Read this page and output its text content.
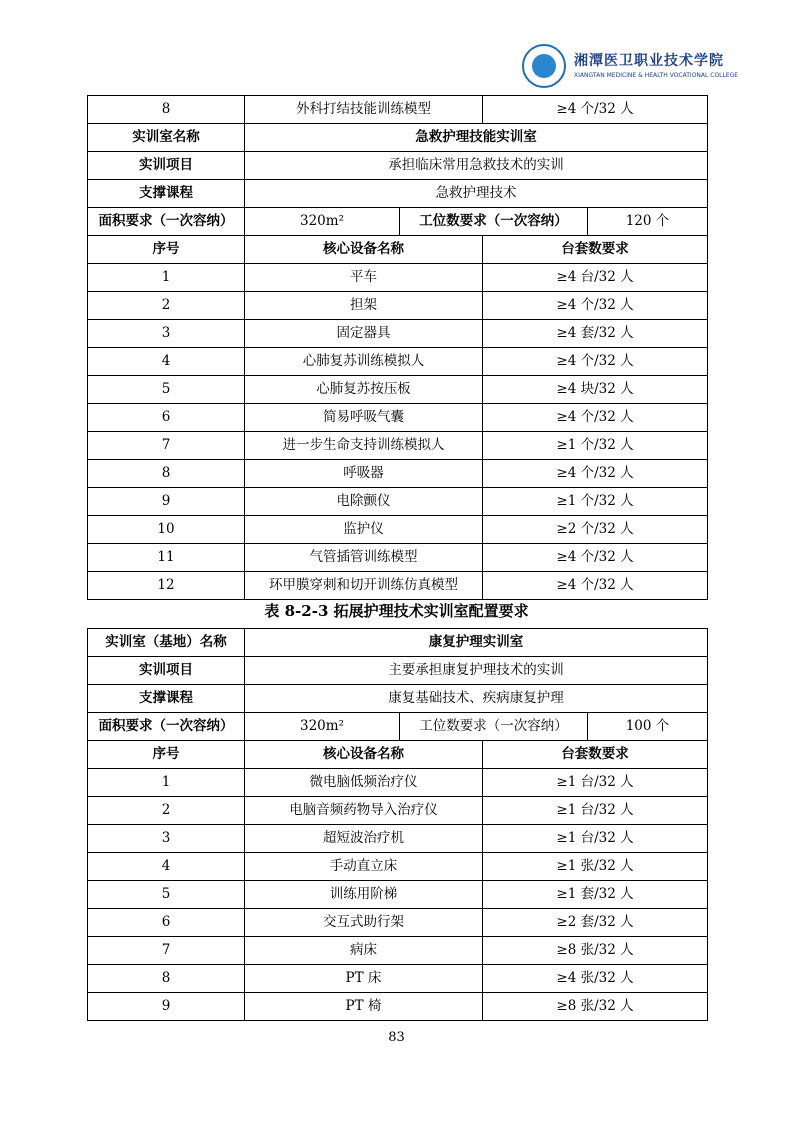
湘潭医卫职业技术学院
XIANGTAN MEDICINE & HEALTH VOCATIONAL COLLEGE
8	外科打结技能训练模型		≥4 个/32 人	
实训室名称	急救护理技能实训室			
实训项目	承担临床常用急救技术的实训			
支撑课程	急救护理技术			
面积要求（一次容纳）	320m²	工位数要求（一次容纳）		120 个
序号	核心设备名称		台套数要求	
1	平车		≥4 台/32 人	
2	担架		≥4 个/32 人	
3	固定器具		≥4 套/32 人	
4	心肺复苏训练模拟人		≥4 个/32 人	
5	心肺复苏按压板		≥4 块/32 人	
6	简易呼吸气囊		≥4 个/32 人	
7	进一步生命支持训练模拟人		≥1 个/32 人	
8	呼吸器		≥4 个/32 人	
9	电除颤仪		≥1 个/32 人	
10	监护仪		≥2 个/32 人	
11	气管插管训练模型		≥4 个/32 人	
12	环甲膜穿刺和切开训练仿真模型		≥4 个/32 人	
表 8-2-3 拓展护理技术实训室配置要求
实训室（基地）名称	康复护理实训室			
实训项目	主要承担康复护理技术的实训			
支撑课程	康复基础技术、疾病康复护理			
面积要求（一次容纳）	320m²	工位数要求（一次容纳）		100 个
序号	核心设备名称		台套数要求	
1	微电脑低频治疗仪		≥1 台/32 人	
2	电脑音频药物导入治疗仪		≥1 台/32 人	
3	超短波治疗机		≥1 台/32 人	
4	手动直立床		≥1 张/32 人	
5	训练用阶梯		≥1 套/32 人	
6	交互式助行架		≥2 套/32 人	
7	病床		≥8 张/32 人	
8	PT 床		≥4 张/32 人	
9	PT 椅		≥8 张/32 人	
83
